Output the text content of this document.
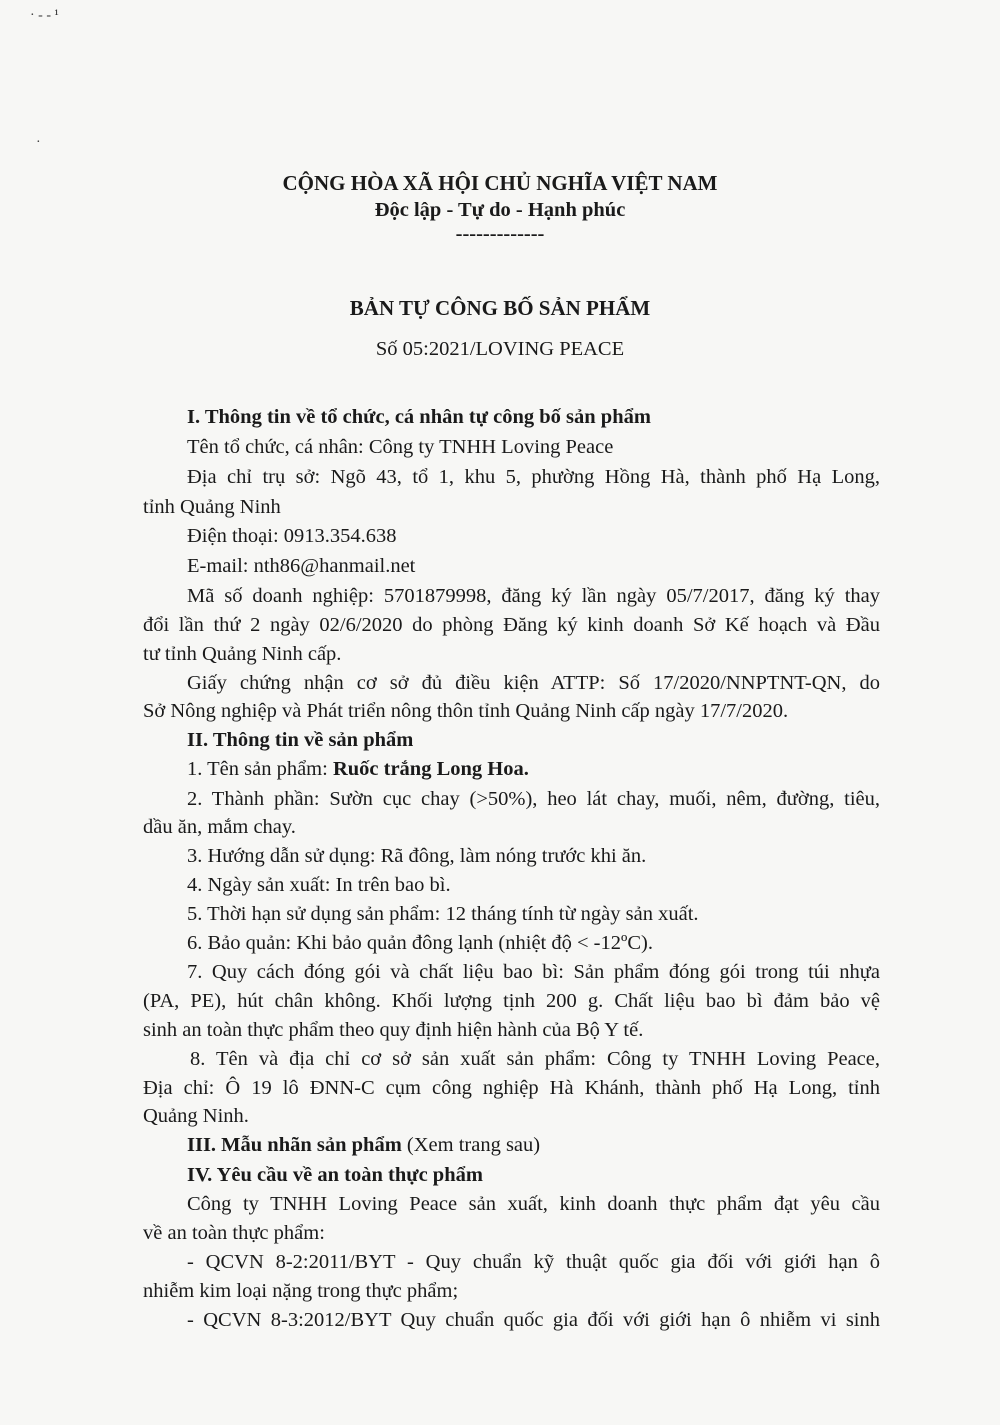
· ‑ ‑ ¹
·
CỘNG HÒA XÃ HỘI CHỦ NGHĨA VIỆT NAM
Độc lập - Tự do - Hạnh phúc
-------------
BẢN TỰ CÔNG BỐ SẢN PHẨM
Số 05:2021/LOVING PEACE
I. Thông tin về tổ chức, cá nhân tự công bố sản phẩm
Tên tổ chức, cá nhân: Công ty TNHH Loving Peace
Địa chỉ trụ sở: Ngõ 43, tổ 1, khu 5, phường Hồng Hà, thành phố Hạ Long,
tỉnh Quảng Ninh
Điện thoại: 0913.354.638
E-mail: nth86@hanmail.net
Mã số doanh nghiệp: 5701879998, đăng ký lần ngày 05/7/2017, đăng ký thay
đổi lần thứ 2 ngày 02/6/2020 do phòng Đăng ký kinh doanh Sở Kế hoạch và Đầu
tư tỉnh Quảng Ninh cấp.
Giấy chứng nhận cơ sở đủ điều kiện ATTP: Số 17/2020/NNPTNT-QN, do
Sở Nông nghiệp và Phát triển nông thôn tỉnh Quảng Ninh cấp ngày 17/7/2020.
II. Thông tin về sản phẩm
1. Tên sản phẩm: Ruốc trắng Long Hoa.
2. Thành phần: Sườn cục chay (>50%), heo lát chay, muối, nêm, đường, tiêu,
dầu ăn, mắm chay.
3. Hướng dẫn sử dụng: Rã đông, làm nóng trước khi ăn.
4. Ngày sản xuất: In trên bao bì.
5. Thời hạn sử dụng sản phẩm: 12 tháng tính từ ngày sản xuất.
6. Bảo quản: Khi bảo quản đông lạnh (nhiệt độ < -12ºC).
7. Quy cách đóng gói và chất liệu bao bì: Sản phẩm đóng gói trong túi nhựa
(PA, PE), hút chân không. Khối lượng tịnh 200 g. Chất liệu bao bì đảm bảo vệ
sinh an toàn thực phẩm theo quy định hiện hành của Bộ Y tế.
8. Tên và địa chỉ cơ sở sản xuất sản phẩm: Công ty TNHH Loving Peace,
Địa chỉ: Ô 19 lô ĐNN-C cụm công nghiệp Hà Khánh, thành phố Hạ Long, tỉnh
Quảng Ninh.
III. Mẫu nhãn sản phẩm (Xem trang sau)
IV. Yêu cầu về an toàn thực phẩm
Công ty TNHH Loving Peace sản xuất, kinh doanh thực phẩm đạt yêu cầu
về an toàn thực phẩm:
- QCVN 8-2:2011/BYT - Quy chuẩn kỹ thuật quốc gia đối với giới hạn ô
nhiễm kim loại nặng trong thực phẩm;
- QCVN 8-3:2012/BYT Quy chuẩn quốc gia đối với giới hạn ô nhiễm vi sinh
